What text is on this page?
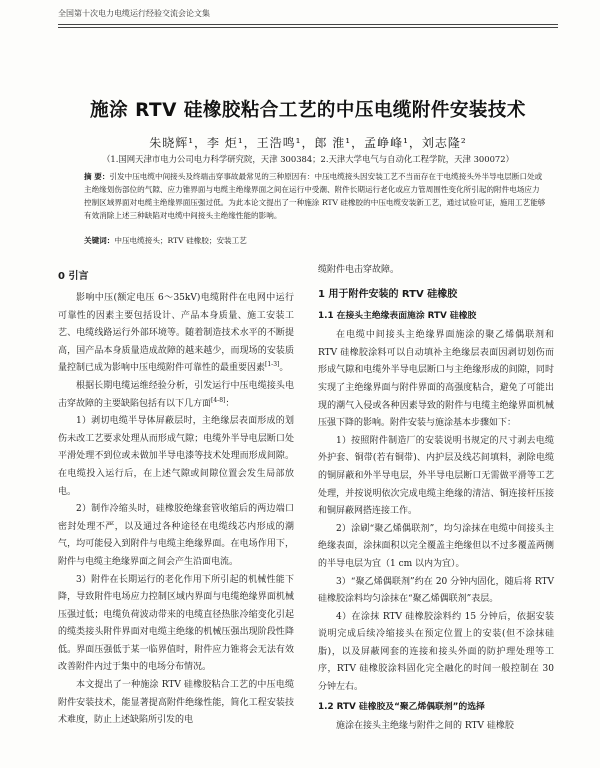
全国第十次电力电缆运行经验交流会论文集
施涂 RTV 硅橡胶粘合工艺的中压电缆附件安装技术
朱晓辉¹，李 炬¹，王浩鸣¹，郎 淮¹，孟峥峰¹，刘志隆²
（1.国网天津市电力公司电力科学研究院，天津 300384；2.天津大学电气与自动化工程学院，天津 300072）
摘 要：引发中压电缆中间接头及终端击穿事故最常见的三种原因有：中压电缆接头因安装工艺不当而存在于电缆接头外半导电层断口处或主绝缘划伤部位的气隙、应力锥界面与电缆主绝缘界面之间在运行中受潮、附件长期运行老化或应力管周围性变化所引起的附件电场应力控制区域界面对电缆主绝缘界面压强过低。为此本论文提出了一种施涂 RTV 硅橡胶的中压电缆安装新工艺，通过试验可证，施用工艺能够有效消除上述三种缺陷对电缆中间接头主绝缘性能的影响。
关键词：中压电缆接头；RTV 硅橡胶；安装工艺
0 引言

影响中压(额定电压 6～35kV)电缆附件在电网中运行可靠性的因素主要包括设计、产品本身质量、施工安装工艺、电缆线路运行外部环境等。随着制造技术水平的不断提高，国产品本身质量造成故障的越来越少，而现场的安装质量控制已成为影响中压电缆附件可靠性的最重要因素[1-3]。

根据长期电缆运维经验分析，引发运行中压电缆接头电击穿故障的主要缺陷包括有以下几方面[4-8]：

1）剥切电缆半导体屏蔽层时，主绝缘层表面形成的划伤未改工艺要求处理从而形成气隙；电缆外半导电层断口处平滑处理不到位或未做加半导电漆等技术处理而形成间隙。在电缆投入运行后，在上述气隙或间隙位置会发生局部放电。

2）制作冷缩头时，硅橡胶绝缘套管收缩后的两边端口密封处理不严，以及通过各种途径在电缆线芯内形成的潮气，均可能侵入到附件与电缆主绝缘界面。在电场作用下，附件与电缆主绝缘界面之间会产生沿面电流。

3）附件在长期运行的老化作用下所引起的机械性能下降，导致附件电场应力控制区域内界面与电缆绝缘界面机械压强过低；电缆负荷波动带来的电缆直径热胀冷缩变化引起的缆类接头附件界面对电缆主绝缘的机械压强出现阶段性降低。界面压强低于某一临界值时，附件应力锥将会无法有效改善附件内过于集中的电场分布情况。

本文提出了一种施涂 RTV 硅橡胶粘合工艺的中压电缆附件安装技术，能显著提高附件绝缘性能，简化工程安装技术难度，防止上述缺陷所引发的电

缆附件电击穿故障。

1 用于附件安装的 RTV 硅橡胶
1.1 在接头主绝缘表面施涂 RTV 硅橡胶

在电缆中间接头主绝缘界面施涂的聚乙烯偶联剂和 RTV 硅橡胶涂料可以自动填补主绝缘层表面因剥切划伤而形成气隙和电缆外半导电层断口与主绝缘形成的间隙，同时实现了主绝缘界面与附件界面的高强度粘合，避免了可能出现的潮气入侵或各种因素导致的附件与电缆主绝缘界面机械压强下降的影响。附件安装与施涂基本步骤如下：

1）按照附件制造厂的安装说明书规定的尺寸剥去电缆外护套、铜带(若有铜带)、内护层及线芯间填料，剥除电缆的铜屏蔽和外半导电层，外半导电层断口无需做平滑等工艺处理，并按说明依次完成电缆主绝缘的清洁、铜连接杆压接和铜屏蔽网搭连接工作。

2）涂刷“聚乙烯偶联剂”，均匀涂抹在电缆中间接头主绝缘表面，涂抹面积以完全覆盖主绝缘但以不过多覆盖两侧的半导电层为宜（1 cm 以内为宜）。

3）“聚乙烯偶联剂”约在 20 分钟内固化，随后将 RTV 硅橡胶涂料均匀涂抹在“聚乙烯偶联剂”表层。

4）在涂抹 RTV 硅橡胶涂料约 15 分钟后，依据安装说明完成后续冷缩接头在预定位置上的安装(但不涂抹硅脂)，以及屏蔽网套的连接和接头外面的防护理处理等工序，RTV 硅橡胶涂料固化完全融化的时间一般控制在 30 分钟左右。

1.2 RTV 硅橡胶及“聚乙烯偶联剂”的选择

施涂在接头主绝缘与附件之间的 RTV 硅橡胶
